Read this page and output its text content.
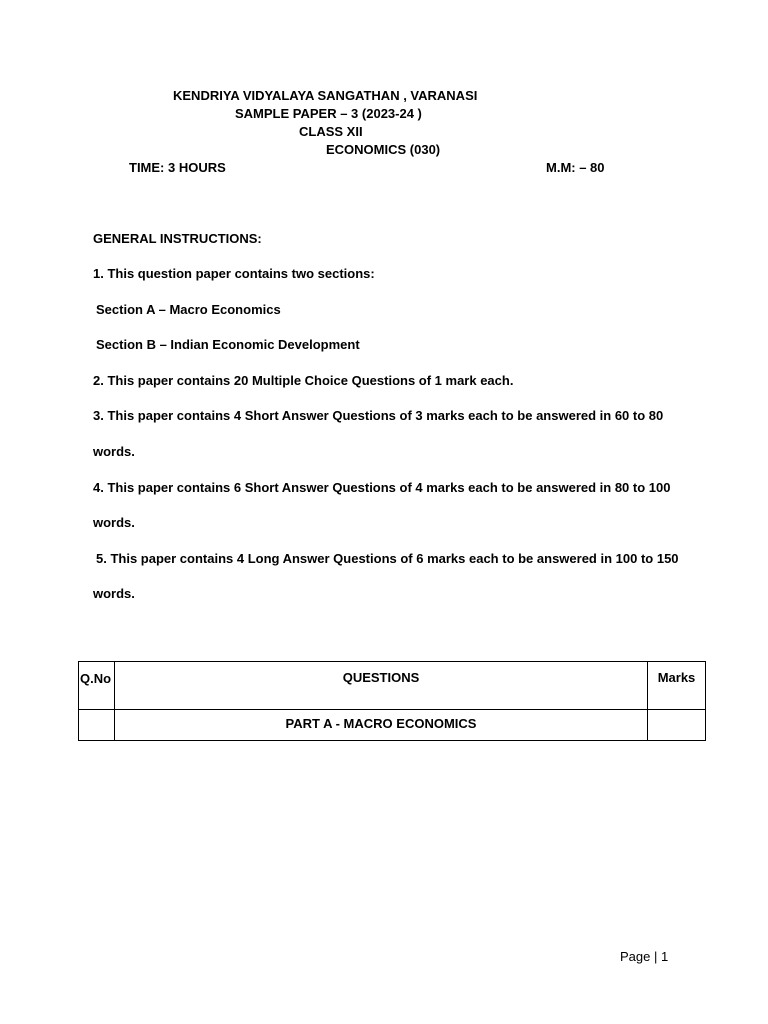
KENDRIYA VIDYALAYA SANGATHAN , VARANASI
SAMPLE PAPER – 3 (2023-24 )
CLASS XII
ECONOMICS (030)
TIME: 3 HOURS	M.M: – 80
GENERAL INSTRUCTIONS:
1. This question paper contains two sections:
Section A – Macro Economics
Section B – Indian Economic Development
2. This paper contains 20 Multiple Choice Questions of 1 mark each.
3. This paper contains 4 Short Answer Questions of 3 marks each to be answered in 60 to 80
words.
4. This paper contains 6 Short Answer Questions of 4 marks each to be answered in 80 to 100
words.
5. This paper contains 4 Long Answer Questions of 6 marks each to be answered in 100 to 150
words.
Q.No	QUESTIONS	Marks
	PART A - MACRO ECONOMICS	
Page | 1
